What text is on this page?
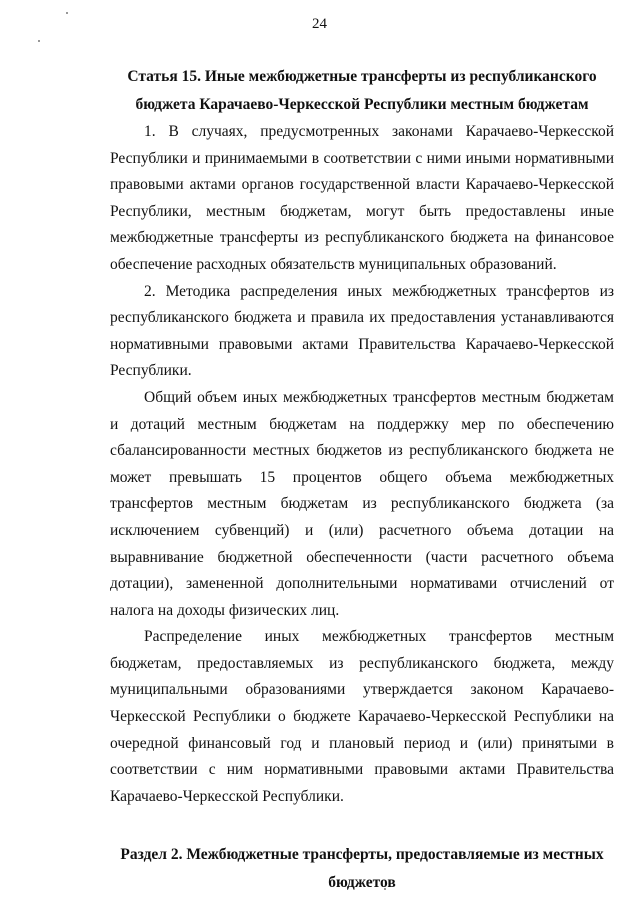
24
Статья 15. Иные межбюджетные трансферты из республиканского бюджета Карачаево-Черкесской Республики местным бюджетам

1. В случаях, предусмотренных законами Карачаево-Черкесской Республики и принимаемыми в соответствии с ними иными нормативными правовыми актами органов государственной власти Карачаево-Черкесской Республики, местным бюджетам, могут быть предоставлены иные межбюджетные трансферты из республиканского бюджета на финансовое обеспечение расходных обязательств муниципальных образований.

2. Методика распределения иных межбюджетных трансфертов из республиканского бюджета и правила их предоставления устанавливаются нормативными правовыми актами Правительства Карачаево-Черкесской Республики.

Общий объем иных межбюджетных трансфертов местным бюджетам и дотаций местным бюджетам на поддержку мер по обеспечению сбалансированности местных бюджетов из республиканского бюджета не может превышать 15 процентов общего объема межбюджетных трансфертов местным бюджетам из республиканского бюджета (за исключением субвенций) и (или) расчетного объема дотации на выравнивание бюджетной обеспеченности (части расчетного объема дотации), замененной дополнительными нормативами отчислений от налога на доходы физических лиц.

Распределение иных межбюджетных трансфертов местным бюджетам, предоставляемых из республиканского бюджета, между муниципальными образованиями утверждается законом Карачаево-Черкесской Республики о бюджете Карачаево-Черкесской Республики на очередной финансовый год и плановый период и (или) принятыми в соответствии с ним нормативными правовыми актами Правительства Карачаево-Черкесской Республики.

Раздел 2. Межбюджетные трансферты, предоставляемые из местных бюджетов
